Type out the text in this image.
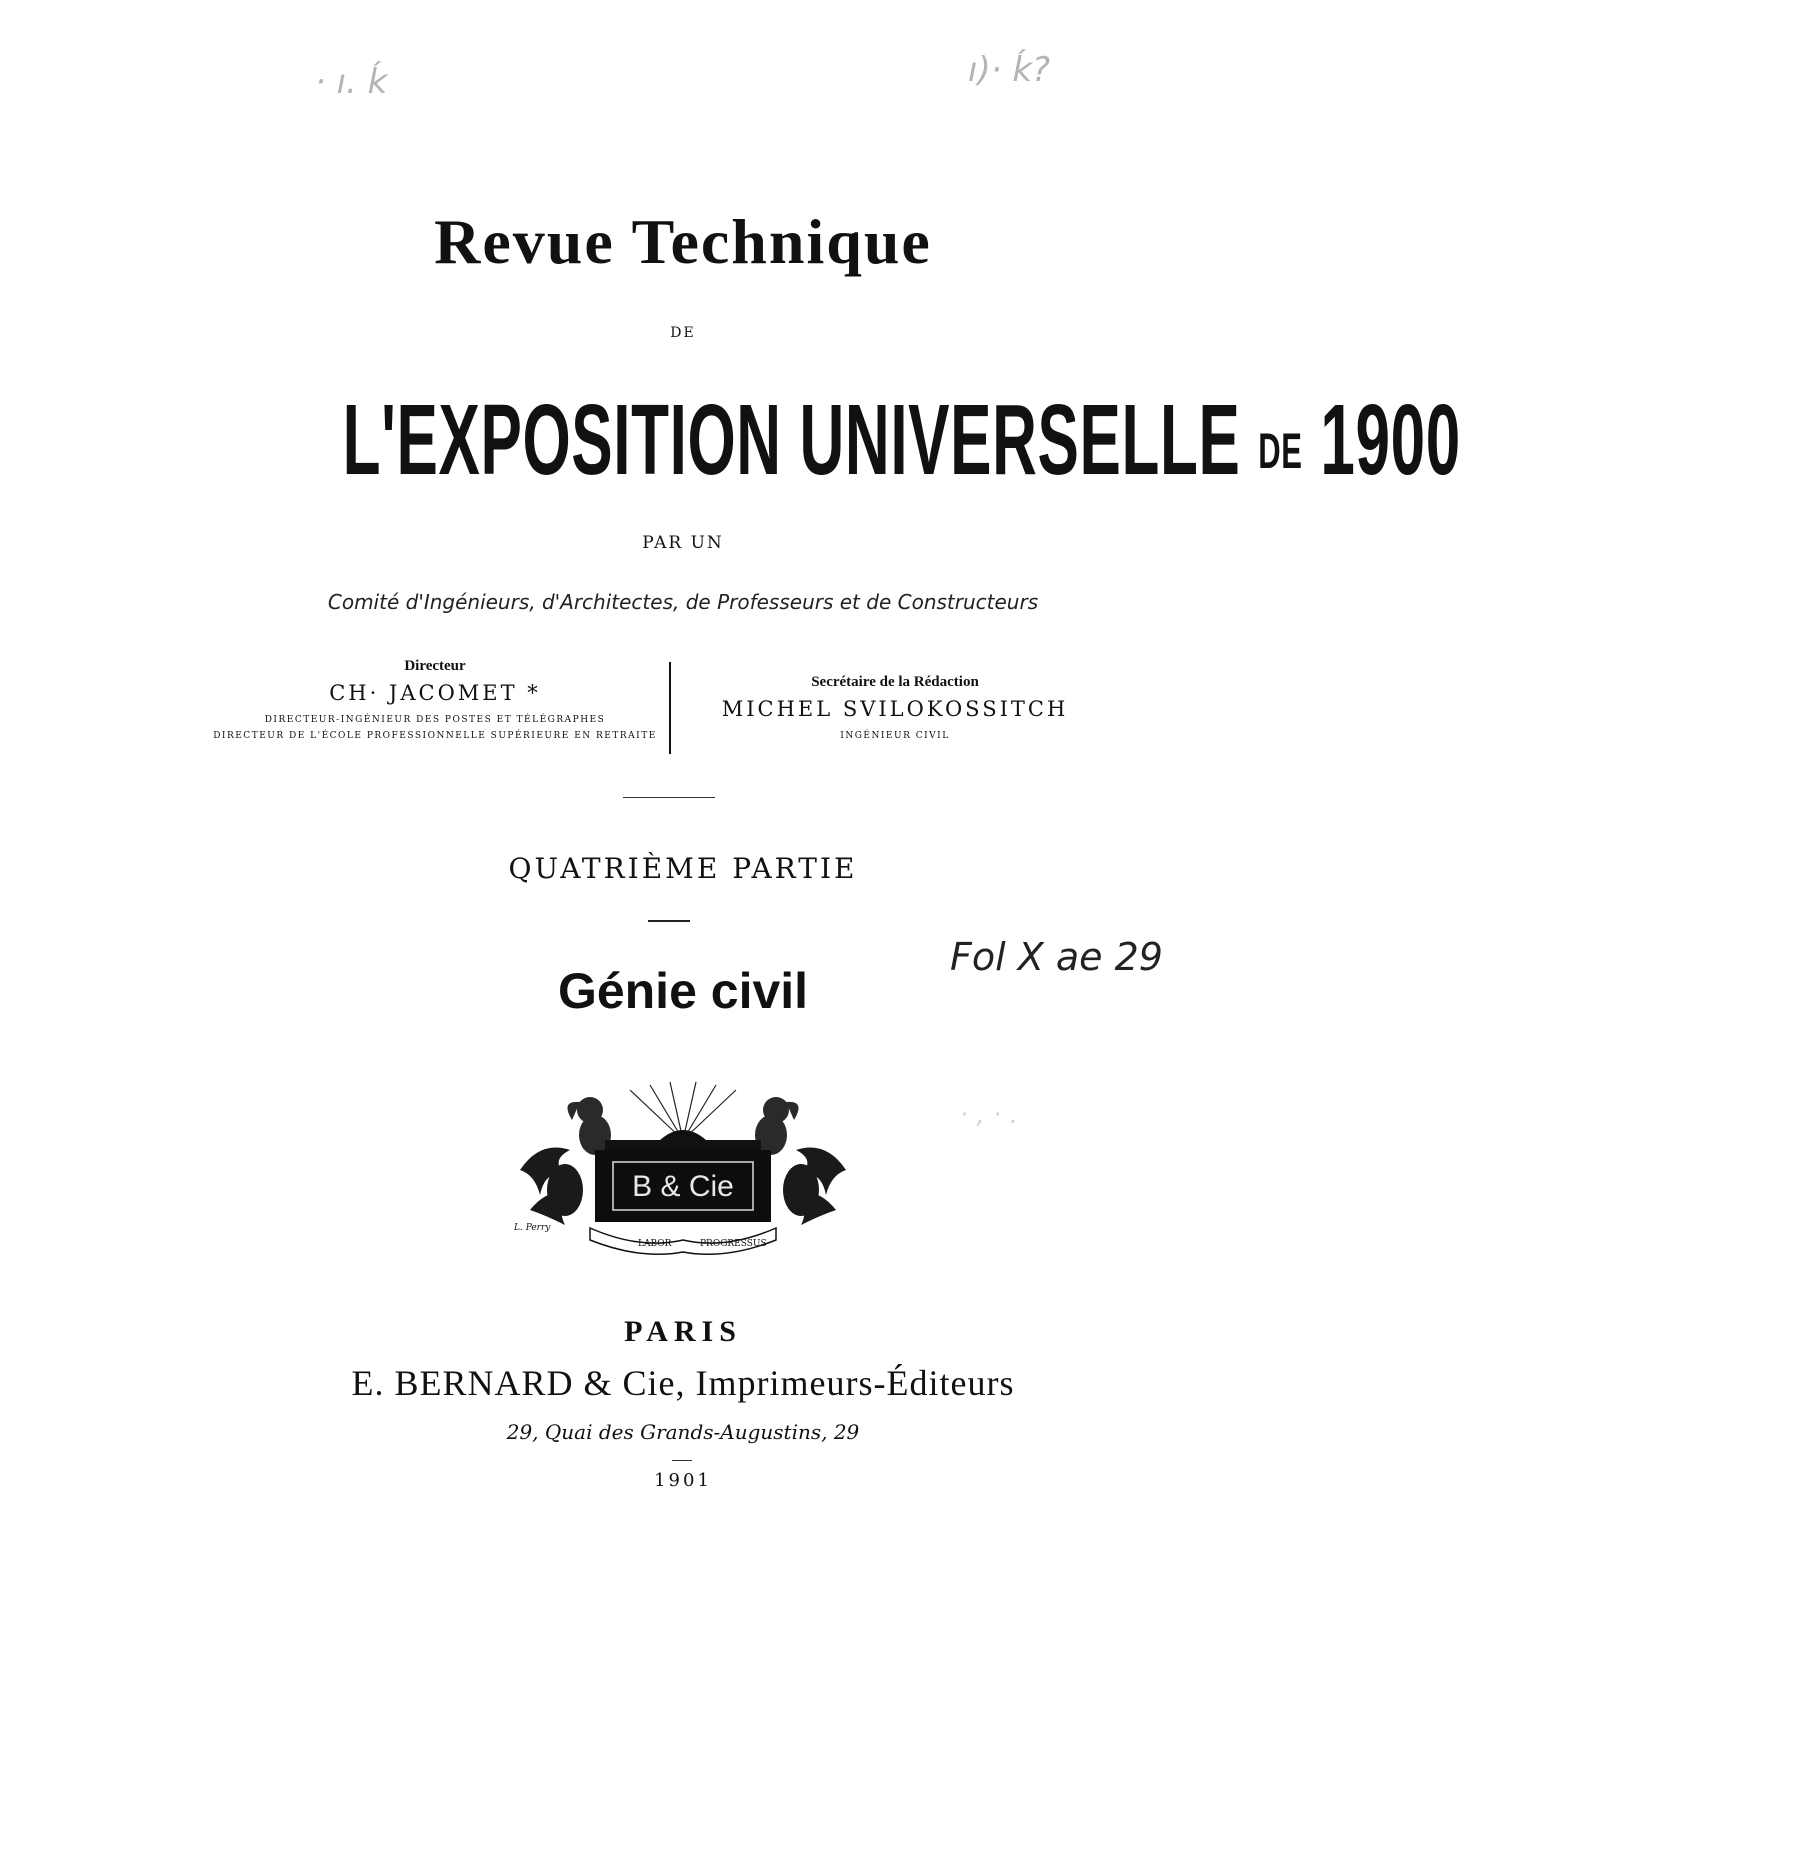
· ı. ḱ	ı)· ḱ?
· , · .
Revue Technique
DE
L'EXPOSITION UNIVERSELLE DE 1900
PAR UN
Comité d'Ingénieurs, d'Architectes, de Professeurs et de Constructeurs
Directeur
CH· JACOMET *
DIRECTEUR-INGÉNIEUR DES POSTES ET TÉLÉGRAPHES
DIRECTEUR DE L'ÉCOLE PROFESSIONNELLE SUPÉRIEURE EN RETRAITE
Secrétaire de la Rédaction
MICHEL SVILOKOSSITCH
INGÉNIEUR CIVIL
QUATRIÈME PARTIE
Génie civil
Fol X ae 29
B & Cie
LABOR	PROGRESSUS
L. Perry
PARIS
E. BERNARD & Cie, Imprimeurs-Éditeurs
29, Quai des Grands-Augustins, 29
1901
